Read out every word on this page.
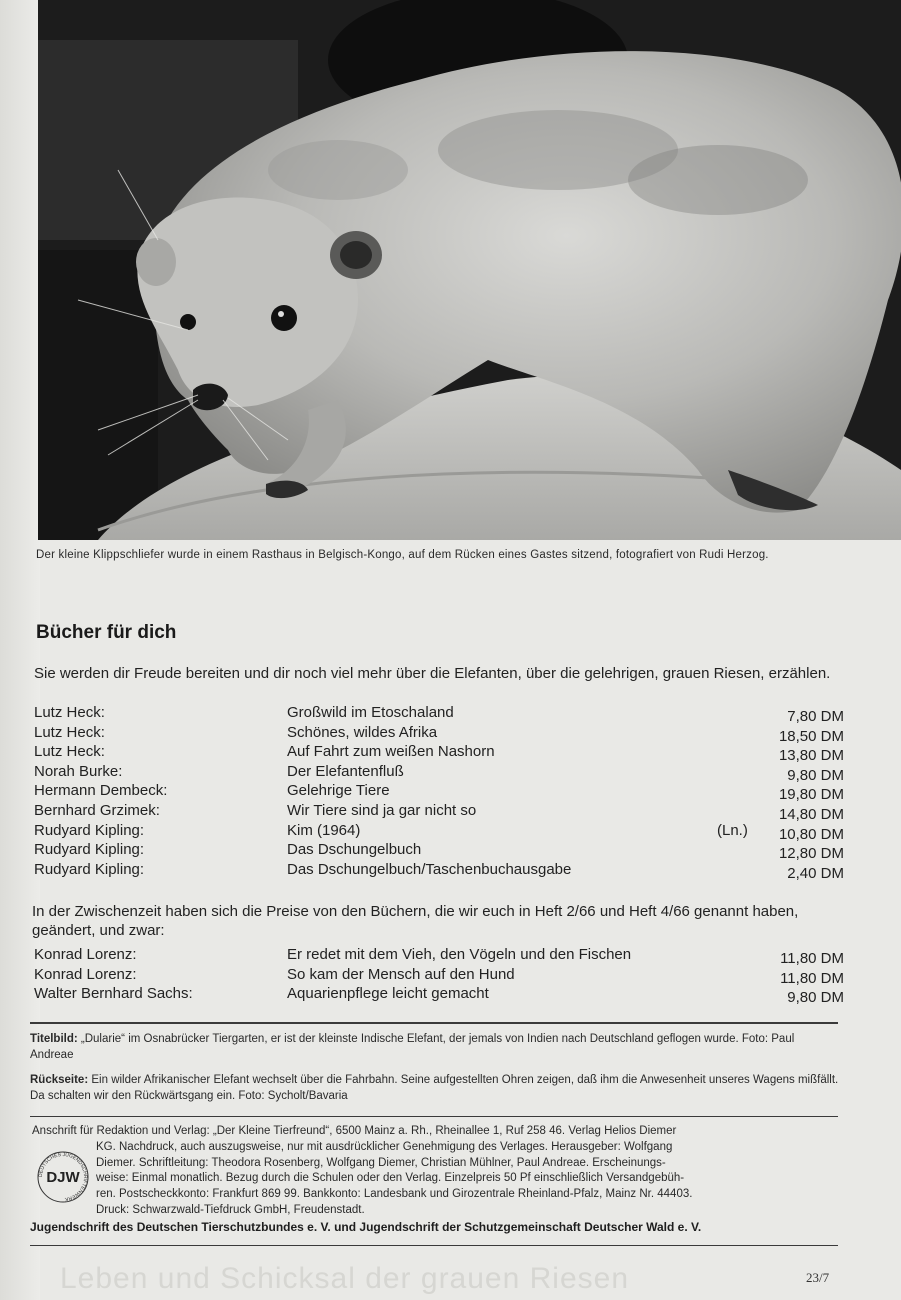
Der kleine Klippschliefer wurde in einem Rasthaus in Belgisch-Kongo, auf dem Rücken eines Gastes sitzend, fotografiert von Rudi Herzog.
Bücher für dich
Sie werden dir Freude bereiten und dir noch viel mehr über die Elefanten, über die gelehrigen, grauen Riesen, erzählen.
Lutz Heck:	Großwild im Etoschaland	7,80 DM
Lutz Heck:	Schönes, wildes Afrika	18,50 DM
Lutz Heck:	Auf Fahrt zum weißen Nashorn	13,80 DM
Norah Burke:	Der Elefantenfluß	9,80 DM
Hermann Dembeck:	Gelehrige Tiere	19,80 DM
Bernhard Grzimek:	Wir Tiere sind ja gar nicht so	14,80 DM
Rudyard Kipling:	Kim (1964)	(Ln.) 10,80 DM
Rudyard Kipling:	Das Dschungelbuch	12,80 DM
Rudyard Kipling:	Das Dschungelbuch/Taschenbuchausgabe	2,40 DM
In der Zwischenzeit haben sich die Preise von den Büchern, die wir euch in Heft 2/66 und Heft 4/66 genannt haben, geändert, und zwar:
Konrad Lorenz:	Er redet mit dem Vieh, den Vögeln und den Fischen	11,80 DM
Konrad Lorenz:	So kam der Mensch auf den Hund	11,80 DM
Walter Bernhard Sachs:	Aquarienpflege leicht gemacht	9,80 DM
Titelbild: „Dularie“ im Osnabrücker Tiergarten, er ist der kleinste Indische Elefant, der jemals von Indien nach Deutschland geflogen wurde. Foto: Paul Andreae
Rückseite: Ein wilder Afrikanischer Elefant wechselt über die Fahrbahn. Seine aufgestellten Ohren zeigen, daß ihm die Anwesenheit unseres Wagens mißfällt. Da schalten wir den Rückwärtsgang ein. Foto: Sycholt/Bavaria
Anschrift für Redaktion und Verlag: „Der Kleine Tierfreund“, 6500 Mainz a. Rh., Rheinallee 1, Ruf 258 46. Verlag Helios Diemer
KG. Nachdruck, auch auszugsweise, nur mit ausdrücklicher Genehmigung des Verlages. Herausgeber: Wolfgang
Diemer. Schriftleitung: Theodora Rosenberg, Wolfgang Diemer, Christian Mühlner, Paul Andreae. Erscheinungs-
weise: Einmal monatlich. Bezug durch die Schulen oder den Verlag. Einzelpreis 50 Pf einschließlich Versandgebüh-
ren. Postscheckkonto: Frankfurt 869 99. Bankkonto: Landesbank und Girozentrale Rheinland-Pfalz, Mainz Nr. 44403.
Druck: Schwarzwald-Tiefdruck GmbH, Freudenstadt.
DEUTSCHES JUGENDSCHRIFTENWERK
DJW
Jugendschrift des Deutschen Tierschutzbundes e. V. und Jugendschrift der Schutzgemeinschaft Deutscher Wald e. V.
Leben und Schicksal der grauen Riesen	23/7
